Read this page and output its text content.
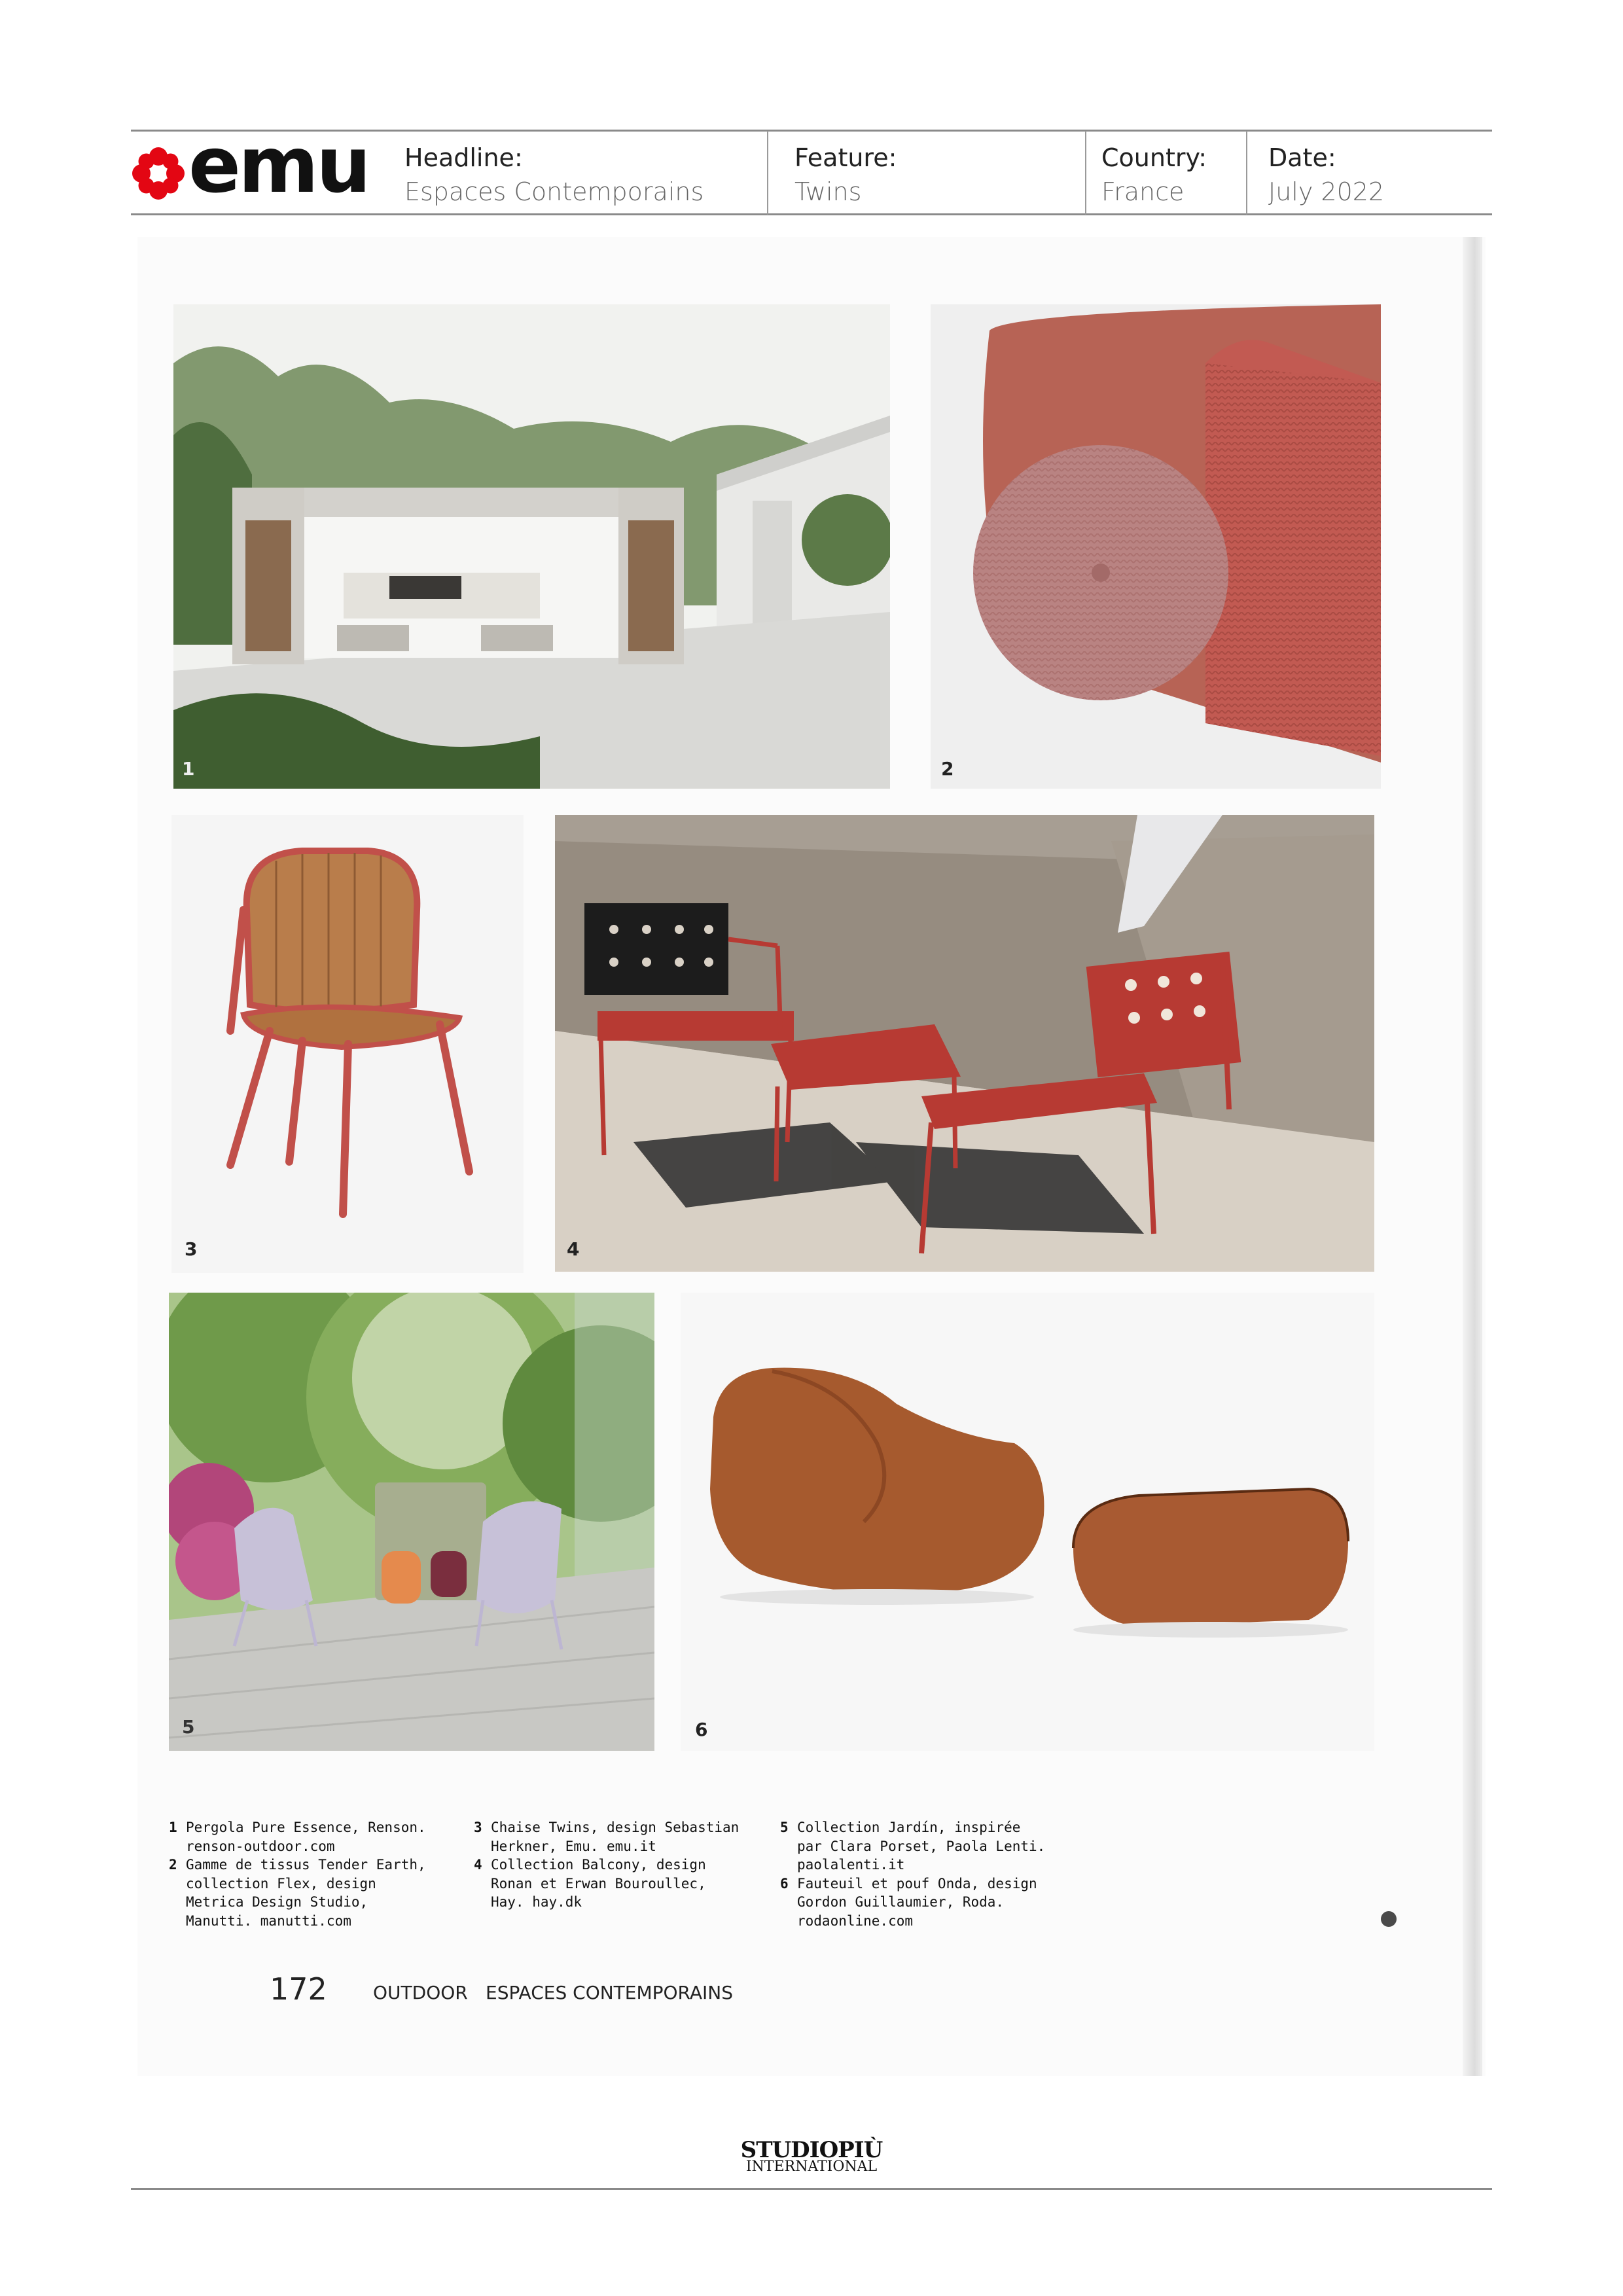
emu Headline:
Espaces Contemporains
Feature:
Twins
Country:
France
Date:
July 2022
1	2
3	4
5	6
1 Pergola Pure Essence, Renson.
renson-outdoor.com
2 Gamme de tissus Tender Earth,
collection Flex, design
Metrica Design Studio,
Manutti. manutti.com
3 Chaise Twins, design Sebastian
Herkner, Emu. emu.it
4 Collection Balcony, design
Ronan et Erwan Bouroullec,
Hay. hay.dk
5 Collection Jardín, inspirée
par Clara Porset, Paola Lenti.
paolalenti.it
6 Fauteuil et pouf Onda, design
Gordon Guillaumier, Roda.
rodaonline.com
172	OUTDOOR ESPACES CONTEMPORAINS
STUDIOPIÙ
INTERNATIONAL
